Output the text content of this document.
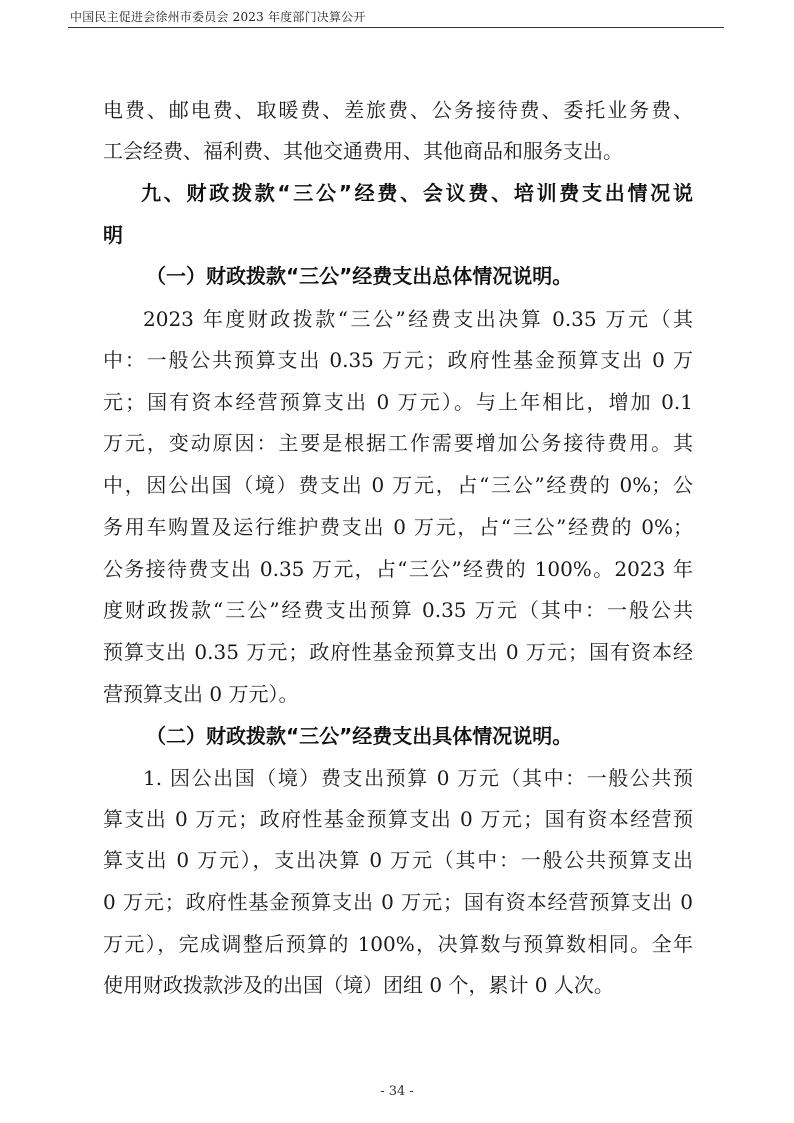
中国民主促进会徐州市委员会 2023 年度部门决算公开
电费、邮电费、取暖费、差旅费、公务接待费、委托业务费、
工会经费、福利费、其他交通费用、其他商品和服务支出。
九、财政拨款“三公”经费、会议费、培训费支出情况说
明
（一）财政拨款“三公”经费支出总体情况说明。
2023 年度财政拨款“三公”经费支出决算 0.35 万元（其
中：一般公共预算支出 0.35 万元；政府性基金预算支出 0 万
元；国有资本经营预算支出 0 万元）。与上年相比，增加 0.1
万元，变动原因：主要是根据工作需要增加公务接待费用。其
中，因公出国（境）费支出 0 万元，占“三公”经费的 0%；公
务用车购置及运行维护费支出 0 万元，占“三公”经费的 0%；
公务接待费支出 0.35 万元，占“三公”经费的 100%。2023 年
度财政拨款“三公”经费支出预算 0.35 万元（其中：一般公共
预算支出 0.35 万元；政府性基金预算支出 0 万元；国有资本经
营预算支出 0 万元）。
（二）财政拨款“三公”经费支出具体情况说明。
1. 因公出国（境）费支出预算 0 万元（其中：一般公共预
算支出 0 万元；政府性基金预算支出 0 万元；国有资本经营预
算支出 0 万元），支出决算 0 万元（其中：一般公共预算支出
0 万元；政府性基金预算支出 0 万元；国有资本经营预算支出 0
万元），完成调整后预算的 100%，决算数与预算数相同。全年
使用财政拨款涉及的出国（境）团组 0 个，累计 0 人次。
- 34 -
